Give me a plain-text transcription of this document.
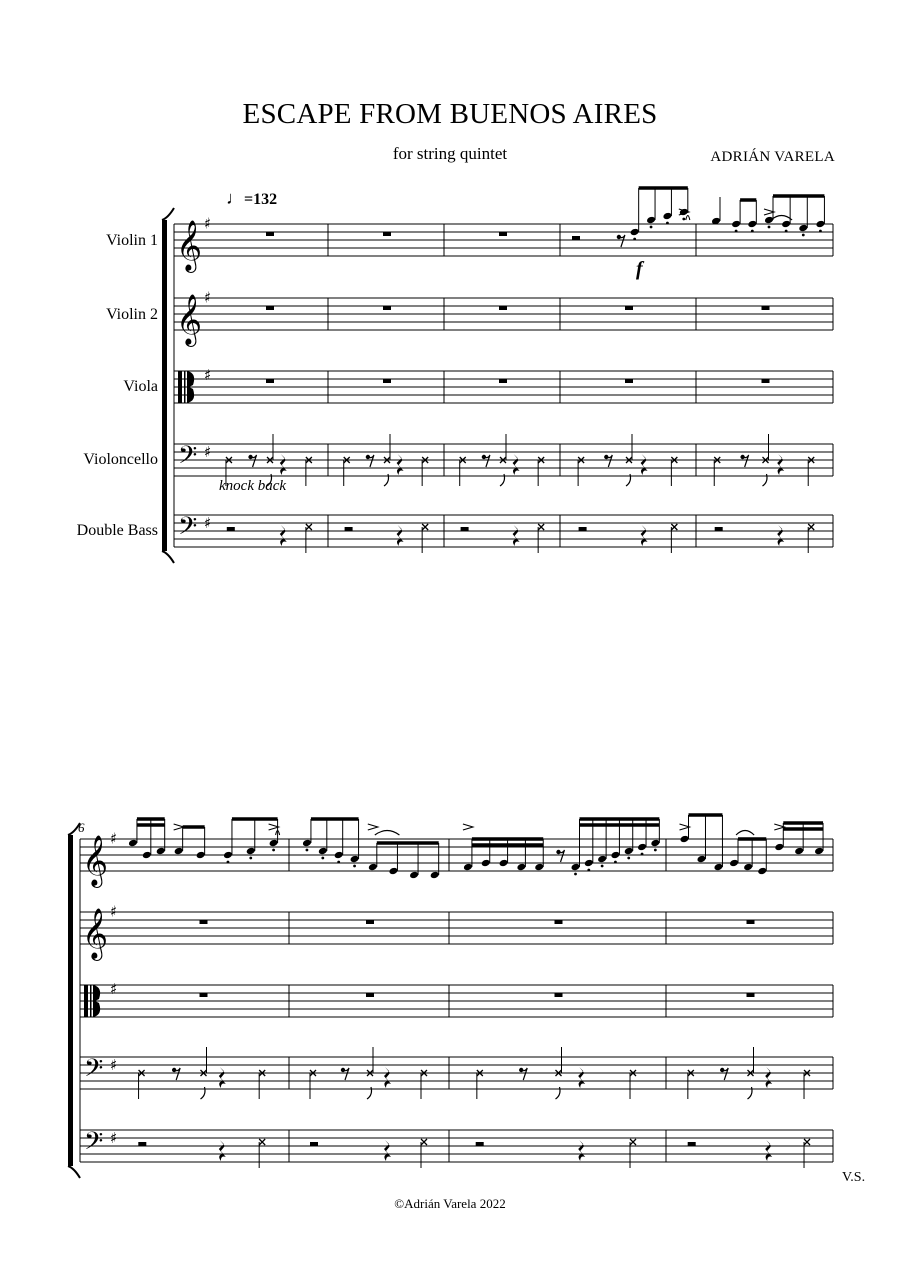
ESCAPE FROM BUENOS AIRES
for string quintet	ADRIÁN VARELA
♩=132
Violin 1
Violin 2
Viola
Violoncello
Double Bass
knock back
f
6
V.S.
©Adrián Varela 2022
𝄞 ♯
𝄞 ♯
♯
𝄢 ♯
𝄢 ♯
𝄞 ♯
𝄞 ♯
♯
𝄢 ♯
𝄢 ♯
